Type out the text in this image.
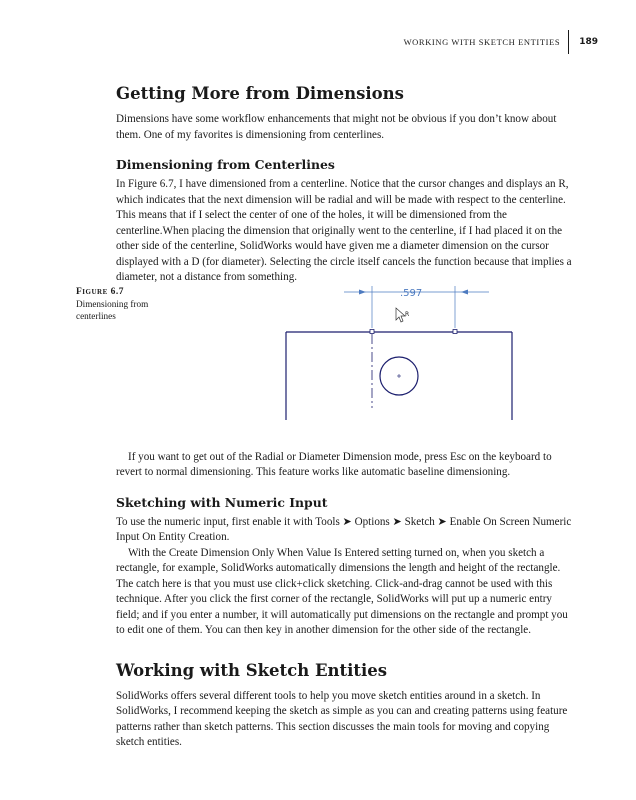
WORKING WITH SKETCH ENTITIES	189
Getting More from Dimensions

Dimensions have some workflow enhancements that might not be obvious if you don’t know about them. One of my favorites is dimensioning from centerlines.

Dimensioning from Centerlines

In Figure 6.7, I have dimensioned from a centerline. Notice that the cursor changes and displays an R, which indicates that the next dimension will be radial and will be made with respect to the centerline. This means that if I select the center of one of the holes, it will be dimensioned from the centerline.When placing the dimension that originally went to the centerline, if I had placed it on the other side of the centerline, SolidWorks would have given me a diameter dimension on the cursor displayed with a D (for diameter). Selecting the circle itself cancels the function because that implies a diameter, not a distance from something.

If you want to get out of the Radial or Diameter Dimension mode, press Esc on the keyboard to revert to normal dimensioning. This feature works like automatic baseline dimensioning.

Sketching with Numeric Input

To use the numeric input, first enable it with Tools ➤ Options ➤ Sketch ➤ Enable On Screen Numeric Input On Entity Creation.

With the Create Dimension Only When Value Is Entered setting turned on, when you sketch a rectangle, for example, SolidWorks automatically dimensions the length and height of the rectangle. The catch here is that you must use click+click sketching. Click-and-drag cannot be used with this technique. After you click the first corner of the rectangle, SolidWorks will put up a numeric entry field; and if you enter a number, it will automatically put dimensions on the rectangle and prompt you to edit one of them. You can then key in another dimension for the other side of the rectangle.

Working with Sketch Entities

SolidWorks offers several different tools to help you move sketch entities around in a sketch. In SolidWorks, I recommend keeping the sketch as simple as you can and creating patterns using feature patterns rather than sketch patterns. This section discusses the main tools for moving and copying sketch entities.

Figure 6.7
Dimensioning from centerlines
.597
R
